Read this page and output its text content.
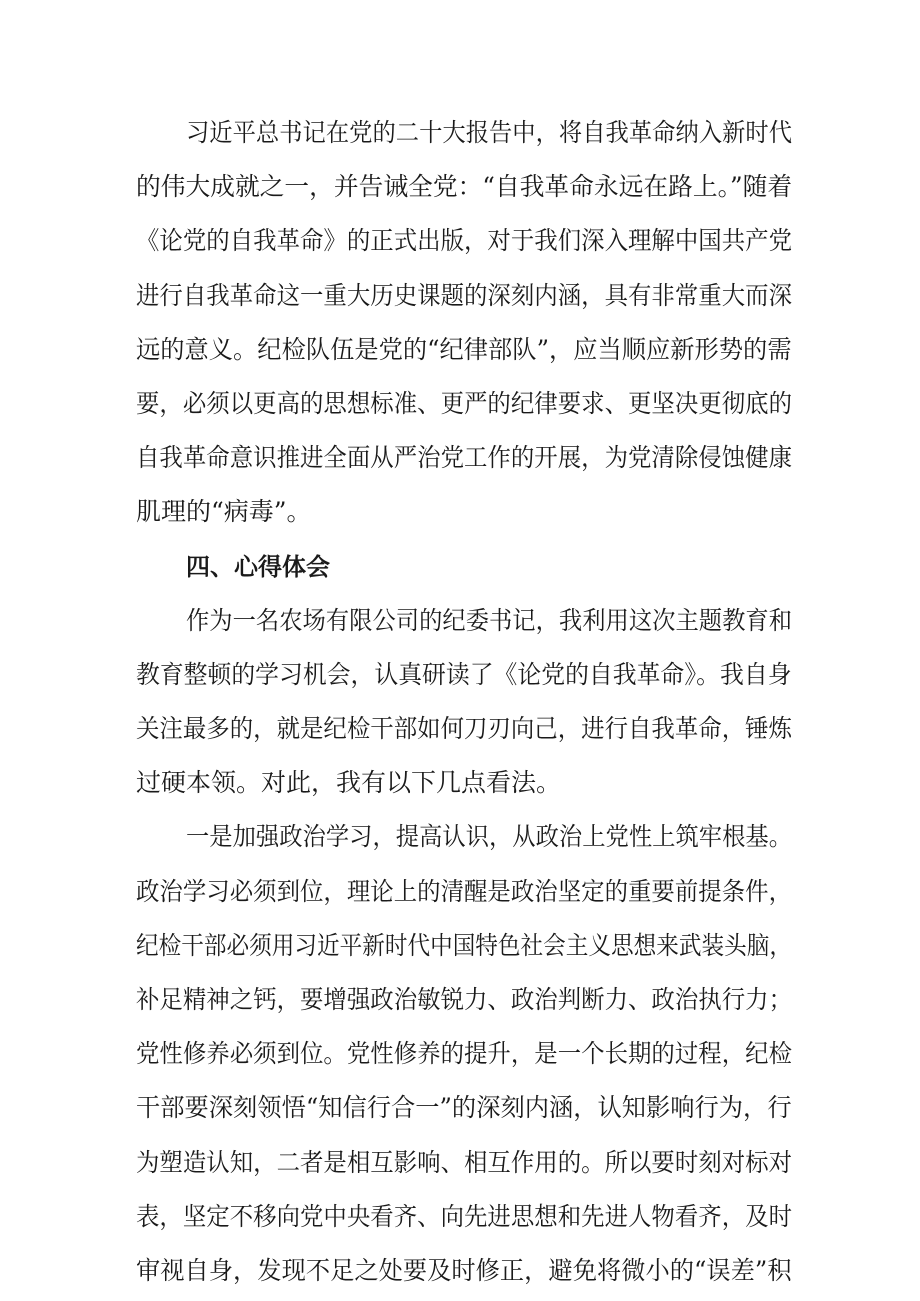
习近平总书记在党的二十大报告中，将自我革命纳入新时代
的伟大成就之一，并告诫全党：“自我革命永远在路上。”随着
《论党的自我革命》的正式出版，对于我们深入理解中国共产党
进行自我革命这一重大历史课题的深刻内涵，具有非常重大而深
远的意义。纪检队伍是党的“纪律部队”，应当顺应新形势的需
要，必须以更高的思想标准、更严的纪律要求、更坚决更彻底的
自我革命意识推进全面从严治党工作的开展，为党清除侵蚀健康
肌理的“病毒”。
四、心得体会
作为一名农场有限公司的纪委书记，我利用这次主题教育和
教育整顿的学习机会，认真研读了《论党的自我革命》。我自身
关注最多的，就是纪检干部如何刀刃向己，进行自我革命，锤炼
过硬本领。对此，我有以下几点看法。
一是加强政治学习，提高认识，从政治上党性上筑牢根基。
政治学习必须到位，理论上的清醒是政治坚定的重要前提条件，
纪检干部必须用习近平新时代中国特色社会主义思想来武装头脑，
补足精神之钙，要增强政治敏锐力、政治判断力、政治执行力；
党性修养必须到位。党性修养的提升，是一个长期的过程，纪检
干部要深刻领悟“知信行合一”的深刻内涵，认知影响行为，行
为塑造认知，二者是相互影响、相互作用的。所以要时刻对标对
表，坚定不移向党中央看齐、向先进思想和先进人物看齐，及时
审视自身，发现不足之处要及时修正，避免将微小的“误差”积
